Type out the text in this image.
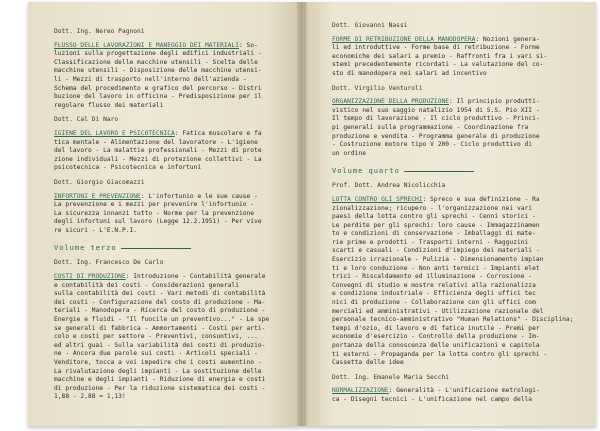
Dott. Ing. Nereo Pagnoni
FLUSSO DELLE LAVORAZIONI E MANEGGIO DEI MATERIALI: So-
luzioni sulla progettazione degli edifici industriali -
Classificazione delle macchine utensili - Scelta delle
macchine utensili - Disposizione delle macchine utensi-
li - Mezzi di trasporto nell'interno dell'azienda -
Schema del procedimento e grafico del percorso - Distri
buzione del lavoro in officina - Predisposizione per il
regolare flusso dei materiali
Dott. Cal Di Naro
IGIENE DEL LAVORO E PSICOTECNICA: Fatica muscolare e fa
tica mentale - Alimentazione del lavoratore - L'igiene
del lavoro - La malattie professionali - Mezzi di prote
zione individuali - Mezzi di protezione collettivi - La
psicotecnica - Psicotecnica e infortuni
Dott. Giorgio Giacomazzi
INFORTUNI E PREVENZIONE: L'infortunio e le sue cause -
La prevenzione e i mezzi per prevenire l'infortunio -
La sicurezza innanzi tutto - Norme per la prevenzione
degli infortuni sul lavoro (Legge 12.2.1951) - Per vive
re sicuri - L'E.N.P.I.
Volume terzo
Dott. Ing. Francesco De Carlo
COSTI DI PRODUZIONE: Introduzione - Contabilità generale
e contabilità dei costi - Considerazioni generali
sulla contabilità dei costi - Vari metodi di contabilità
dei costi - Configurazione del costo di produzione - Ma-
teriali - Manodopera - Ricerca del costo di produzione -
Energie e fluidi - "Il fuocile un preventivo..." - Le spe
se generali di fabbrica - Ammortamenti - Costi per arti-
colo e costi per settore - Preventivi, consuntivi, ...
ed altri guai - Sulla variabilità dei costi di produzio-
ne - Ancora due parole sui costi - Articoli speciali -
Venditore, tocca a voi impedire che i costi aumentino -
La rivalutazione degli impianti - La sostituzione delle
macchine e degli impianti - Riduzione di energia e costi
di produzione - Per la riduzione sistematica dei costi -
1,88 - 2,88 = 1,13!
Dott. Giovanni Nassi
FORME DI RETRIBUZIONE DELLA MANODOPERA: Nozioni genera-
li ed introduttive - Forme base di retribuzione - Forme
economiche dei salari a premio - Raffronti fra i vari si-
stemi precedentemente ricordati - La valutazione del co-
sto di manodopera nei salari ad incentivo
Dott. Virgilio Venturoli
ORGANIZZAZIONE DELLA PRODUZIONE: Il principio produtti-
vistico nel suo saggio natalizio 1954 di S.S. Pio XII -
Il tempo di lavorazione - Il ciclo produttivo - Princi-
pi generali sulla programmazione - Coordinazione fra
produzione e vendita - Programma generale di produzione
- Costruzione motore tipo V 200 - Ciclo produttivo di
un ordine
Volume quarto
Prof. Dott. Andrea Nicolicchia
LOTTA CONTRO GLI SPRECHI: Spreco e sua definizione - Ra
zionalizzazione; ricupero - l'organizzazione nei vari
paesi della lotta contro gli sprechi - Cenni storici -
Le perdite per gli sprechi: loro cause - Immagazzinamen
to e condizioni di conservazione - Imballaggi di mate-
rie prime e prodotti - Trasporti interni - Ragguzini
scarti e casuali - Condizioni d'impiego dei materiali -
Esercizio irrazionale - Pulizia - Dimensionamento impian
ti e loro conduzione - Non anti termici - Impianti elet
trici - Riscaldamento ed illuminazione - Corrosione -
Convegni di studio e mostre relativi alla razionalizza
e condizione industriale - Efficienza degli uffici tec
nici di produzione - Collaborazione con gli uffici com
merciali ed amministrativi - Utilizzazione razionale del
personale tecnico-amministrativo "Human Relations" - Disciplina;
tempi d'ozio, di lavoro e di fatica inutile - Premi per
economie d'esercizio - Controllo della produzione - Im-
portanza della conoscenza delle unificazioni e capitola
ti esterni - Propaganda per la lotta contro gli sprechi -
Cassetta delle idee
Dott. Ing. Emanele Maria Secchi
NORMALIZZAZIONE: Generalità - L'unificazione metrologi-
ca - Disegni tecnici - L'unificazione nel campo della
